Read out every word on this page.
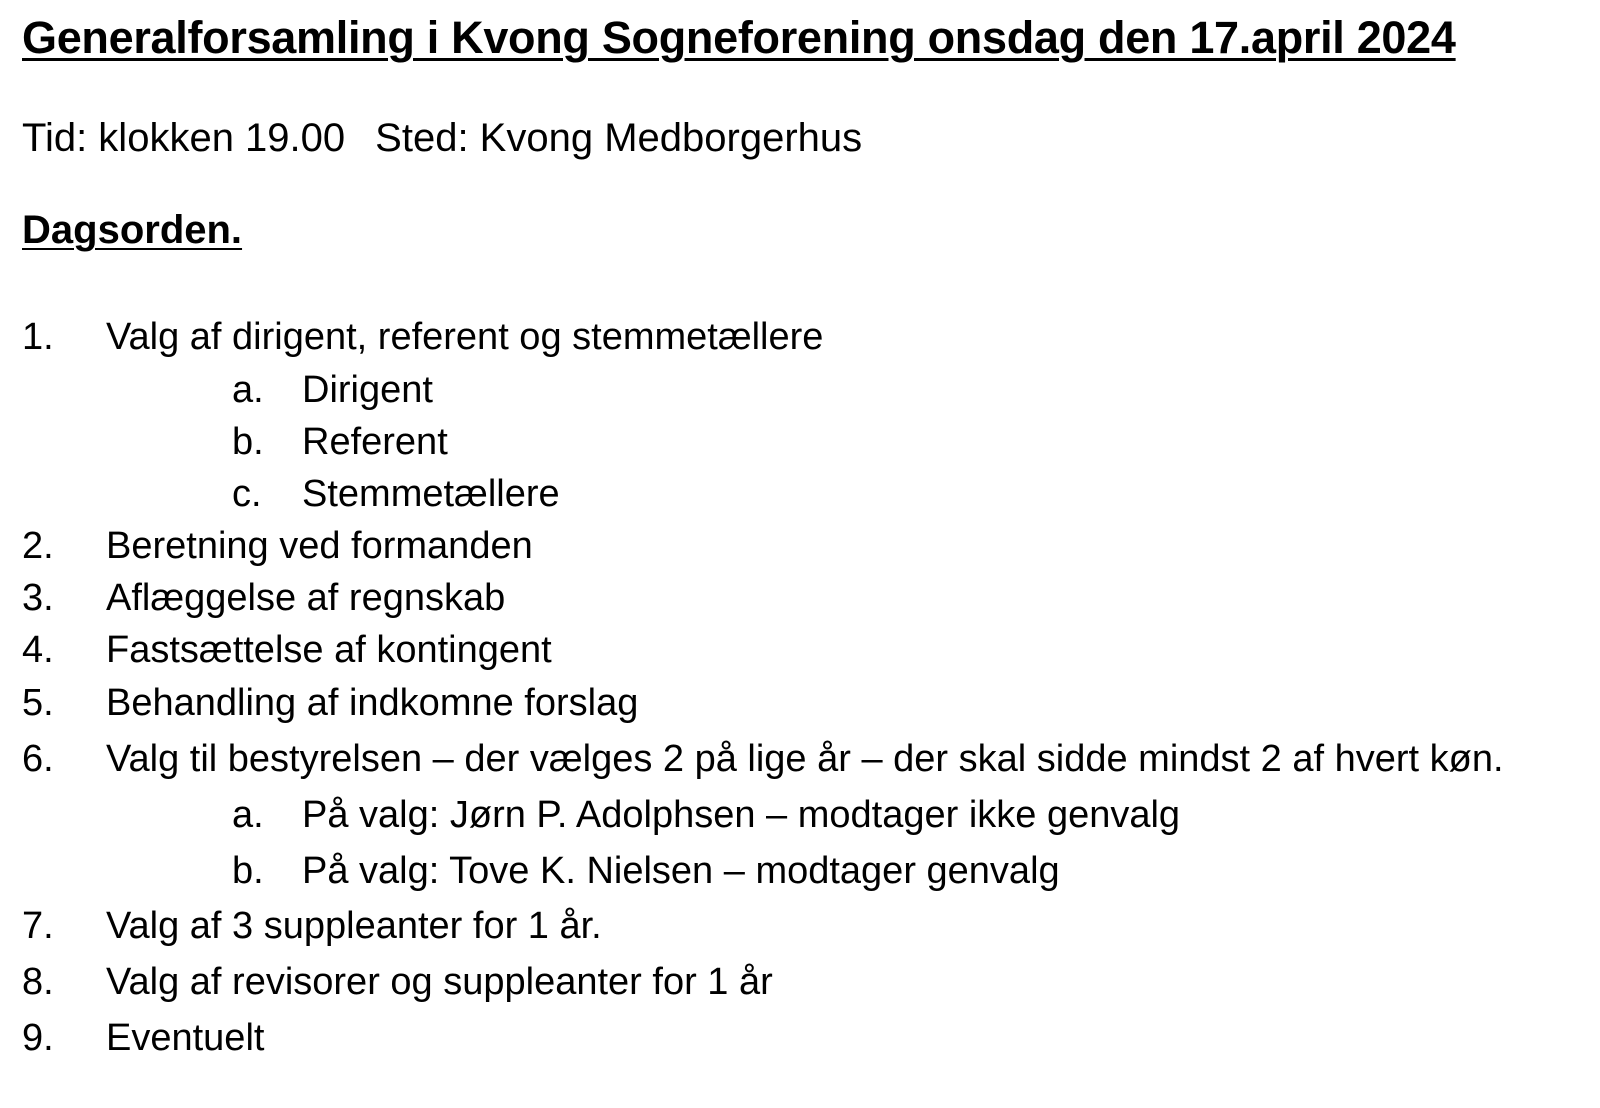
Generalforsamling i Kvong Sogneforening onsdag den 17.april 2024
Tid: klokken 19.00 Sted: Kvong Medborgerhus
Dagsorden.
1. Valg af dirigent, referent og stemmetællere
a. Dirigent
b. Referent
c. Stemmetællere
2. Beretning ved formanden
3. Aflæggelse af regnskab
4. Fastsættelse af kontingent
5. Behandling af indkomne forslag
6. Valg til bestyrelsen – der vælges 2 på lige år – der skal sidde mindst 2 af hvert køn.
a. På valg: Jørn P. Adolphsen – modtager ikke genvalg
b. På valg: Tove K. Nielsen – modtager genvalg
7. Valg af 3 suppleanter for 1 år.
8. Valg af revisorer og suppleanter for 1 år
9. Eventuelt
